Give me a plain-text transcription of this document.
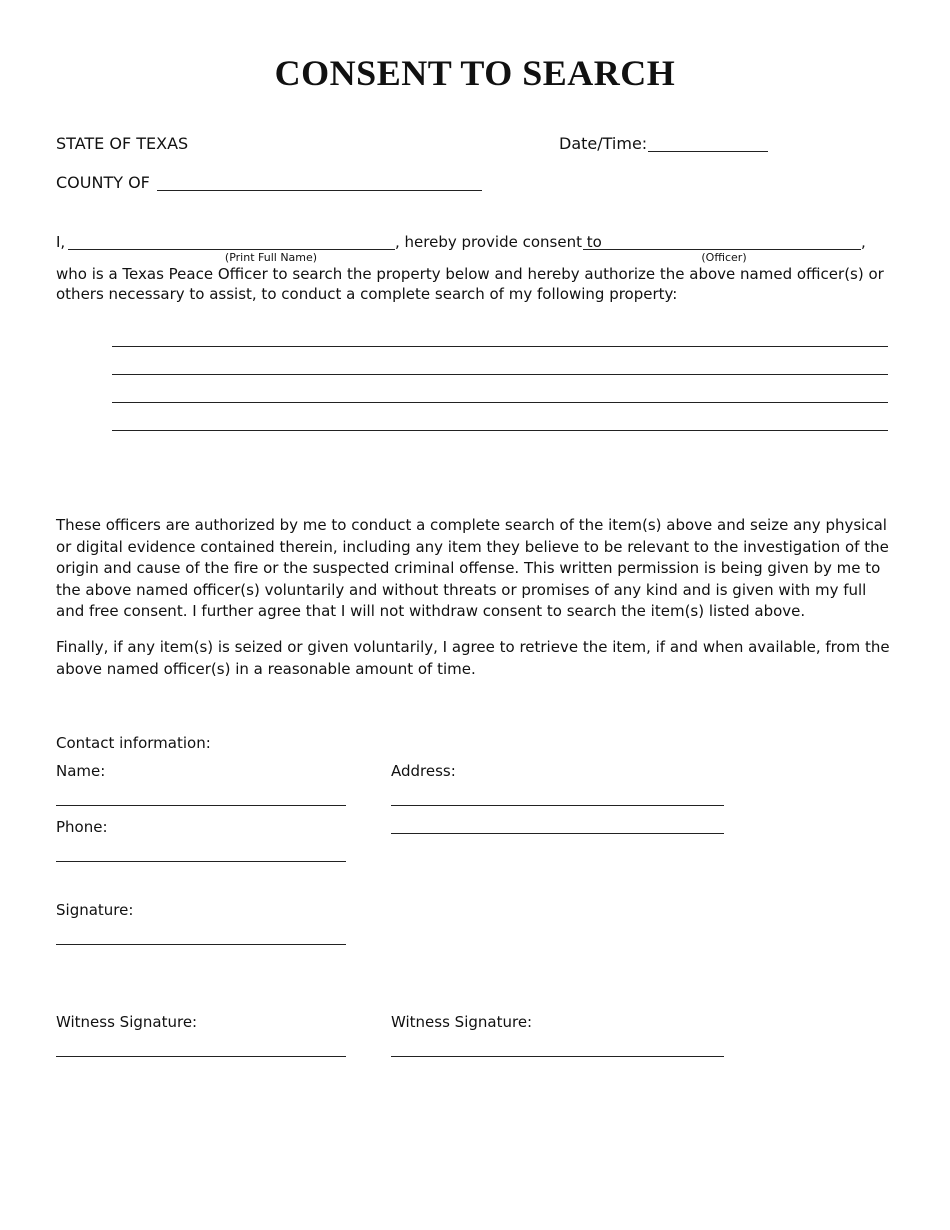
CONSENT TO SEARCH
STATE OF TEXAS	Date/Time:
COUNTY OF
I,	, hereby provide consent to	,
(Print Full Name)	(Officer)
who is a Texas Peace Officer to search the property below and hereby authorize the above named officer(s) or others necessary to assist, to conduct a complete search of my following property:
These officers are authorized by me to conduct a complete search of the item(s) above and seize any physical or digital evidence contained therein, including any item they believe to be relevant to the investigation of the origin and cause of the fire or the suspected criminal offense. This written permission is being given by me to the above named officer(s) voluntarily and without threats or promises of any kind and is given with my full and free consent. I further agree that I will not withdraw consent to search the item(s) listed above.
Finally, if any item(s) is seized or given voluntarily, I agree to retrieve the item, if and when available, from the above named officer(s) in a reasonable amount of time.
Contact information:
Name:	Address:
Phone:
Signature:
Witness Signature:	Witness Signature:
